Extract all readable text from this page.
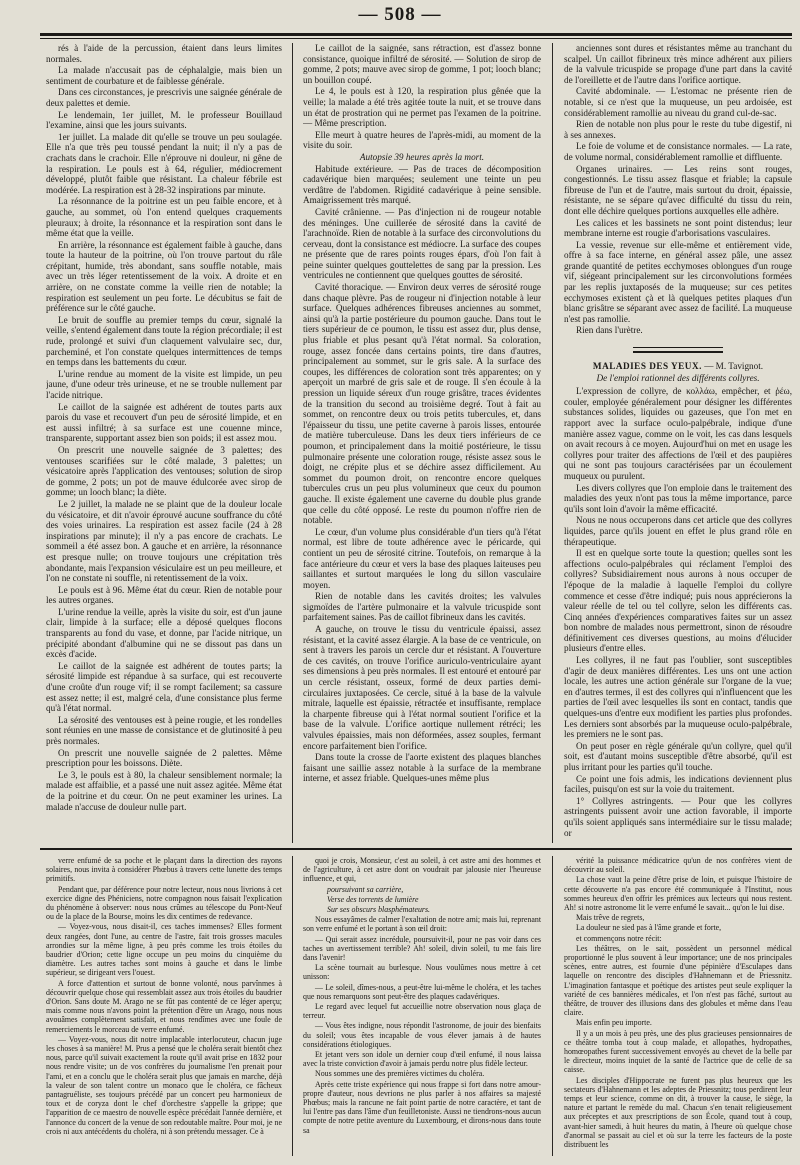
— 508 —

rés à l'aide de la percussion, étaient dans leurs limites normales.

La malade n'accusait pas de céphalalgie, mais bien un sentiment de courbature et de faiblesse générale.

Dans ces circonstances, je prescrivis une saignée générale de deux palettes et demie.

Le lendemain, 1er juillet, M. le professeur Bouillaud l'examine, ainsi que les jours suivants.

1er juillet. La malade dit qu'elle se trouve un peu soulagée. Elle n'a que très peu toussé pendant la nuit; il n'y a pas de crachats dans le crachoir. Elle n'éprouve ni douleur, ni gêne de la respiration. Le pouls est à 64, régulier, médiocrement développé, plutôt faible que résistant. La chaleur fébrile est modérée. La respiration est à 28-32 inspirations par minute.

La résonnance de la poitrine est un peu faible encore, et à gauche, au sommet, où l'on entend quelques craquements pleuraux; à droite, la résonnance et la respiration sont dans le même état que la veille.

En arrière, la résonnance est également faible à gauche, dans toute la hauteur de la poitrine, où l'on trouve partout du râle crépitant, humide, très abondant, sans souffle notable, mais avec un très léger retentissement de la voix. A droite et en arrière, on ne constate comme la veille rien de notable; la respiration est seulement un peu forte. Le décubitus se fait de préférence sur le côté gauche.

Le bruit de souffle au premier temps du cœur, signalé la veille, s'entend également dans toute la région précordiale; il est rude, prolongé et suivi d'un claquement valvulaire sec, dur, parcheminé, et l'on constate quelques intermittences de temps en temps dans les battements du cœur.

L'urine rendue au moment de la visite est limpide, un peu jaune, d'une odeur très urineuse, et ne se trouble nullement par l'acide nitrique.

Le caillot de la saignée est adhérent de toutes parts aux parois du vase et recouvert d'un peu de sérosité limpide, et en est aussi infiltré; à sa surface est une couenne mince, transparente, supportant assez bien son poids; il est assez mou.

On prescrit une nouvelle saignée de 3 palettes; des ventouses scarifiées sur le côté malade, 3 palettes; un vésicatoire après l'application des ventouses; solution de sirop de gomme, 2 pots; un pot de mauve édulcorée avec sirop de gomme; un looch blanc; la diète.

Le 2 juillet, la malade ne se plaint que de la douleur locale du vésicatoire, et dit n'avoir éprouvé aucune souffrance du côté des voies urinaires. La respiration est assez facile (24 à 28 inspirations par minute); il n'y a pas encore de crachats. Le sommeil a été assez bon. A gauche et en arrière, la résonnance est presque nulle; on trouve toujours une crépitation très abondante, mais l'expansion vésiculaire est un peu meilleure, et l'on ne constate ni souffle, ni retentissement de la voix.

Le pouls est à 96. Même état du cœur. Rien de notable pour les autres organes.

L'urine rendue la veille, après la visite du soir, est d'un jaune clair, limpide à la surface; elle a déposé quelques flocons transparents au fond du vase, et donne, par l'acide nitrique, un précipité abondant d'albumine qui ne se dissout pas dans un excès d'acide.

Le caillot de la saignée est adhérent de toutes parts; la sérosité limpide est répandue à sa surface, qui est recouverte d'une croûte d'un rouge vif; il se rompt facilement; sa cassure est assez nette; il est, malgré cela, d'une consistance plus ferme qu'à l'état normal.

La sérosité des ventouses est à peine rougie, et les rondelles sont réunies en une masse de consistance et de glutinosité à peu près normales.

On prescrit une nouvelle saignée de 2 palettes. Même prescription pour les boissons. Diète.

Le 3, le pouls est à 80, la chaleur sensiblement normale; la malade est affaiblie, et a passé une nuit assez agitée. Même état de la poitrine et du cœur. On ne peut examiner les urines. La malade n'accuse de douleur nulle part.

Le caillot de la saignée, sans rétraction, est d'assez bonne consistance, quoique infiltré de sérosité. — Solution de sirop de gomme, 2 pots; mauve avec sirop de gomme, 1 pot; looch blanc; un bouillon coupé.

Le 4, le pouls est à 120, la respiration plus gênée que la veille; la malade a été très agitée toute la nuit, et se trouve dans un état de prostration qui ne permet pas l'examen de la poitrine. — Même prescription.

Elle meurt à quatre heures de l'après-midi, au moment de la visite du soir.

Autopsie 39 heures après la mort.

Habitude extérieure. — Pas de traces de décomposition cadavérique bien marquées; seulement une teinte un peu verdâtre de l'abdomen. Rigidité cadavérique à peine sensible. Amaigrissement très marqué.

Cavité crânienne. — Pas d'injection ni de rougeur notable des méninges. Une cuillerée de sérosité dans la cavité de l'arachnoïde. Rien de notable à la surface des circonvolutions du cerveau, dont la consistance est médiocre. La surface des coupes ne présente que de rares points rouges épars, d'où l'on fait à peine suinter quelques gouttelettes de sang par la pression. Les ventricules ne contiennent que quelques gouttes de sérosité.

Cavité thoracique. — Environ deux verres de sérosité rouge dans chaque plèvre. Pas de rougeur ni d'injection notable à leur surface. Quelques adhérences fibreuses anciennes au sommet, ainsi qu'à la partie postérieure du poumon gauche. Dans tout le tiers supérieur de ce poumon, le tissu est assez dur, plus dense, plus friable et plus pesant qu'à l'état normal. Sa coloration, rouge, assez foncée dans certains points, tire dans d'autres, principalement au sommet, sur le gris sale. A la surface des coupes, les différences de coloration sont très apparentes; on y aperçoit un marbré de gris sale et de rouge. Il s'en écoule à la pression un liquide séreux d'un rouge grisâtre, traces évidentes de la transition du second au troisième degré. Tout à fait au sommet, on rencontre deux ou trois petits tubercules, et, dans l'épaisseur du tissu, une petite caverne à parois lisses, entourée de matière tuberculeuse. Dans les deux tiers inférieurs de ce poumon, et principalement dans la moitié postérieure, le tissu pulmonaire présente une coloration rouge, résiste assez sous le doigt, ne crépite plus et se déchire assez difficilement. Au sommet du poumon droit, on rencontre encore quelques tubercules crus un peu plus volumineux que ceux du poumon gauche. Il existe également une caverne du double plus grande que celle du côté opposé. Le reste du poumon n'offre rien de notable.

Le cœur, d'un volume plus considérable d'un tiers qu'à l'état normal, est libre de toute adhérence avec le péricarde, qui contient un peu de sérosité citrine. Toutefois, on remarque à la face antérieure du cœur et vers la base des plaques laiteuses peu saillantes et surtout marquées le long du sillon vasculaire moyen.

Rien de notable dans les cavités droites; les valvules sigmoïdes de l'artère pulmonaire et la valvule tricuspide sont parfaitement saines. Pas de caillot fibrineux dans les cavités.

A gauche, on trouve le tissu du ventricule épaissi, assez résistant, et la cavité assez élargie. A la base de ce ventricule, on sent à travers les parois un cercle dur et résistant. A l'ouverture de ces cavités, on trouve l'orifice auriculo-ventriculaire ayant ses dimensions à peu près normales. Il est entouré et entouré par un cercle résistant, osseux, formé de deux parties demi-circulaires juxtaposées. Ce cercle, situé à la base de la valvule mitrale, laquelle est épaissie, rétractée et insuffisante, remplace la charpente fibreuse qui à l'état normal soutient l'orifice et la base de la valvule. L'orifice aortique nullement rétréci; les valvules épaissies, mais non déformées, assez souples, fermant encore parfaitement bien l'orifice.

Dans toute la crosse de l'aorte existent des plaques blanches faisant une saillie assez notable à la surface de la membrane interne, et assez friable. Quelques-unes même plus

anciennes sont dures et résistantes même au tranchant du scalpel. Un caillot fibrineux très mince adhérent aux piliers de la valvule tricuspide se propage d'une part dans la cavité de l'oreillette et de l'autre dans l'orifice aortique.

Cavité abdominale. — L'estomac ne présente rien de notable, si ce n'est que la muqueuse, un peu ardoisée, est considérablement ramollie au niveau du grand cul-de-sac.

Rien de notable non plus pour le reste du tube digestif, ni à ses annexes.

Le foie de volume et de consistance normales. — La rate, de volume normal, considérablement ramollie et diffluente.

Organes urinaires. — Les reins sont rouges, congestionnés. Le tissu assez flasque et friable; la capsule fibreuse de l'un et de l'autre, mais surtout du droit, épaissie, résistante, ne se sépare qu'avec difficulté du tissu du rein, dont elle déchire quelques portions auxquelles elle adhère.

Les calices et les bassinets ne sont point distendus; leur membrane interne est rougie d'arborisations vasculaires.

La vessie, revenue sur elle-même et entièrement vide, offre à sa face interne, en général assez pâle, une assez grande quantité de petites ecchymoses oblongues d'un rouge vif, siégeant principalement sur les circonvolutions formées par les replis juxtaposés de la muqueuse; sur ces petites ecchymoses existent çà et là quelques petites plaques d'un blanc grisâtre se séparant avec assez de facilité. La muqueuse n'est pas ramollie.

Rien dans l'urètre.

MALADIES DES YEUX. — M. Tavignot.

De l'emploi rationnel des différents collyres.

L'expression de collyre, de κολλάω, empêcher, et ῥέω, couler, employée généralement pour désigner les différentes substances solides, liquides ou gazeuses, que l'on met en rapport avec la surface oculo-palpébrale, indique d'une manière assez vague, comme on le voit, les cas dans lesquels on avait recours à ce moyen. Aujourd'hui on met en usage les collyres pour traiter des affections de l'œil et des paupières qui ne sont pas toujours caractérisées par un écoulement muqueux ou purulent.

Les divers collyres que l'on emploie dans le traitement des maladies des yeux n'ont pas tous la même importance, parce qu'ils sont loin d'avoir la même efficacité.

Nous ne nous occuperons dans cet article que des collyres liquides, parce qu'ils jouent en effet le plus grand rôle en thérapeutique.

Il est en quelque sorte toute la question; quelles sont les affections oculo-palpébrales qui réclament l'emploi des collyres? Subsidiairement nous aurons à nous occuper de l'époque de la maladie à laquelle l'emploi du collyre commence et cesse d'être indiqué; puis nous apprécierons la valeur réelle de tel ou tel collyre, selon les différents cas. Cinq années d'expériences comparatives faites sur un assez bon nombre de malades nous permettront, sinon de résoudre définitivement ces diverses questions, au moins d'élucider plusieurs d'entre elles.

Les collyres, il ne faut pas l'oublier, sont susceptibles d'agir de deux manières différentes. Les uns ont une action locale, les autres une action générale sur l'organe de la vue; en d'autres termes, il est des collyres qui n'influencent que les parties de l'œil avec lesquelles ils sont en contact, tandis que quelques-uns d'entre eux modifient les parties plus profondes. Les derniers sont absorbés par la muqueuse oculo-palpébrale, les premiers ne le sont pas.

On peut poser en règle générale qu'un collyre, quel qu'il soit, est d'autant moins susceptible d'être absorbé, qu'il est plus irritant pour les parties qu'il touche.

Ce point une fois admis, les indications deviennent plus faciles, puisqu'on est sur la voie du traitement.

1° Collyres astringents. — Pour que les collyres astringents puissent avoir une action favorable, il importe qu'ils soient appliqués sans intermédiaire sur le tissu malade; or

verre enfumé de sa poche et le plaçant dans la direction des rayons solaires, nous invita à considérer Phœbus à travers cette lunette des temps primitifs.

Pendant que, par déférence pour notre lecteur, nous nous livrions à cet exercice digne des Phéniciens, notre compagnon nous faisait l'explication du phénomène à observer: nous nous crûmes au télescope du Pont-Neuf ou de la place de la Bourse, moins les dix centimes de redevance.

— Voyez-vous, nous disait-il, ces taches immenses? Elles forment deux rangées, dont l'une, au centre de l'astre, fait trois grosses macules arrondies sur la même ligne, à peu près comme les trois étoiles du baudrier d'Orion; cette ligne occupe un peu moins du cinquième du diamètre. Les autres taches sont moins à gauche et dans le limbe supérieur, se dirigeant vers l'ouest.

A force d'attention et surtout de bonne volonté, nous parvînmes à découvrir quelque chose qui ressemblait assez aux trois étoiles du baudrier d'Orion. Sans doute M. Arago ne se fût pas contenté de ce léger aperçu; mais comme nous n'avons point la prétention d'être un Arago, nous nous avouâmes complètement satisfait, et nous rendîmes avec une foule de remerciements le morceau de verre enfumé.

— Voyez-vous, nous dit notre implacable interlocuteur, chacun juge les choses à sa manière! M. Prus a pensé que le choléra serait bientôt chez nous, parce qu'il suivait exactement la route qu'il avait prise en 1832 pour nous rendre visite; un de vos confrères du journalisme l'en prenait pour l'ami, et en a conclu que le choléra serait plus que jamais en marche, déjà la valeur de son talent contre un monaco que le choléra, ce fâcheux pantagruéliste, ses toujours précédé par un concert peu harmonieux de toux et de coryza dont le chef d'orchestre s'appelle la grippe; que l'apparition de ce maestro de nouvelle espèce précédait l'année dernière, et l'annonce du concert de la venue de son redoutable maître. Pour moi, je ne crois ni aux antécédents du choléra, ni à son prétendu messager. Ce à

quoi je crois, Monsieur, c'est au soleil, à cet astre ami des hommes et de l'agriculture, à cet astre dont on voudrait par jalousie nier l'heureuse influence, et qui,

poursuivant sa carrière,

Verse des torrents de lumière

Sur ses obscurs blasphémateurs.

Nous essayâmes de calmer l'exaltation de notre ami; mais lui, reprenant son verre enfumé et le portant à son œil droit:

— Qui serait assez incrédule, poursuivit-il, pour ne pas voir dans ces taches un avertissement terrible? Ah! soleil, divin soleil, tu me fais lire dans l'avenir!

La scène tournait au burlesque. Nous voulûmes nous mettre à cet unisson:

— Le soleil, dîmes-nous, a peut-être lui-même le choléra, et les taches que nous remarquons sont peut-être des plaques cadavériques.

Le regard avec lequel fut accueillie notre observation nous glaça de terreur.

— Vous êtes indigne, nous répondit l'astronome, de jouir des bienfaits du soleil; vous êtes incapable de vous élever jamais à de hautes considérations étiologiques.

Et jetant vers son idole un dernier coup d'œil enfumé, il nous laissa avec la triste conviction d'avoir à jamais perdu notre plus fidèle lecteur.

Nous sommes une des premières victimes du choléra.

Après cette triste expérience qui nous frappe si fort dans notre amour-propre d'auteur, nous devrions ne plus parler à nos affaires sa majesté Phœbus; mais la rancune ne fait point partie de notre caractère, et tant de lui l'entre pas dans l'âme d'un feuilletoniste. Aussi ne tiendrons-nous aucun compte de notre petite aventure du Luxembourg, et dirons-nous dans toute sa

vérité la puissance médicatrice qu'un de nos confrères vient de découvrir au soleil.

La chose vaut la peine d'être prise de loin, et puisque l'histoire de cette découverte n'a pas encore été communiquée à l'Institut, nous sommes heureux d'en offrir les prémices aux lecteurs qui nous restent. Ah! si notre astronome lit le verre enfumé le savait... qu'on le lui dise.

Mais trêve de regrets,

La douleur ne sied pas à l'âme grande et forte,

et commençons notre récit:

Les théâtres, on le sait, possèdent un personnel médical proportionné le plus souvent à leur importance; une de nos principales scènes, entre autres, est fournie d'une pépinière d'Esculapes dans laquelle on rencontre des disciples d'Hahnemann et de Priessnitz. L'imagination fantasque et poétique des artistes peut seule expliquer la variété de ces bannières médicales, et l'on n'est pas fâché, surtout au théâtre, de trouver des illusions dans des globules et même dans l'eau claire.

Mais enfin peu importe.

Il y a un mois à peu près, une des plus gracieuses pensionnaires de ce théâtre tomba tout à coup malade, et allopathes, hydropathes, homœopathes furent successivement envoyés au chevet de la belle par le directeur, moins inquiet de la santé de l'actrice que de celle de sa caisse.

Les disciples d'Hippocrate ne furent pas plus heureux que les sectateurs d'Hahnemann et les adeptes de Priessnitz; tous perdirent leur temps et leur science, comme on dit, à trouver la cause, le siège, la nature et partant le remède du mal. Chacun s'en tenait religieusement aux préceptes et aux prescriptions de son École, quand tout à coup, avant-hier samedi, à huit heures du matin, à l'heure où quelque chose d'anormal se passait au ciel et où sur la terre les facteurs de la poste distribuent les
